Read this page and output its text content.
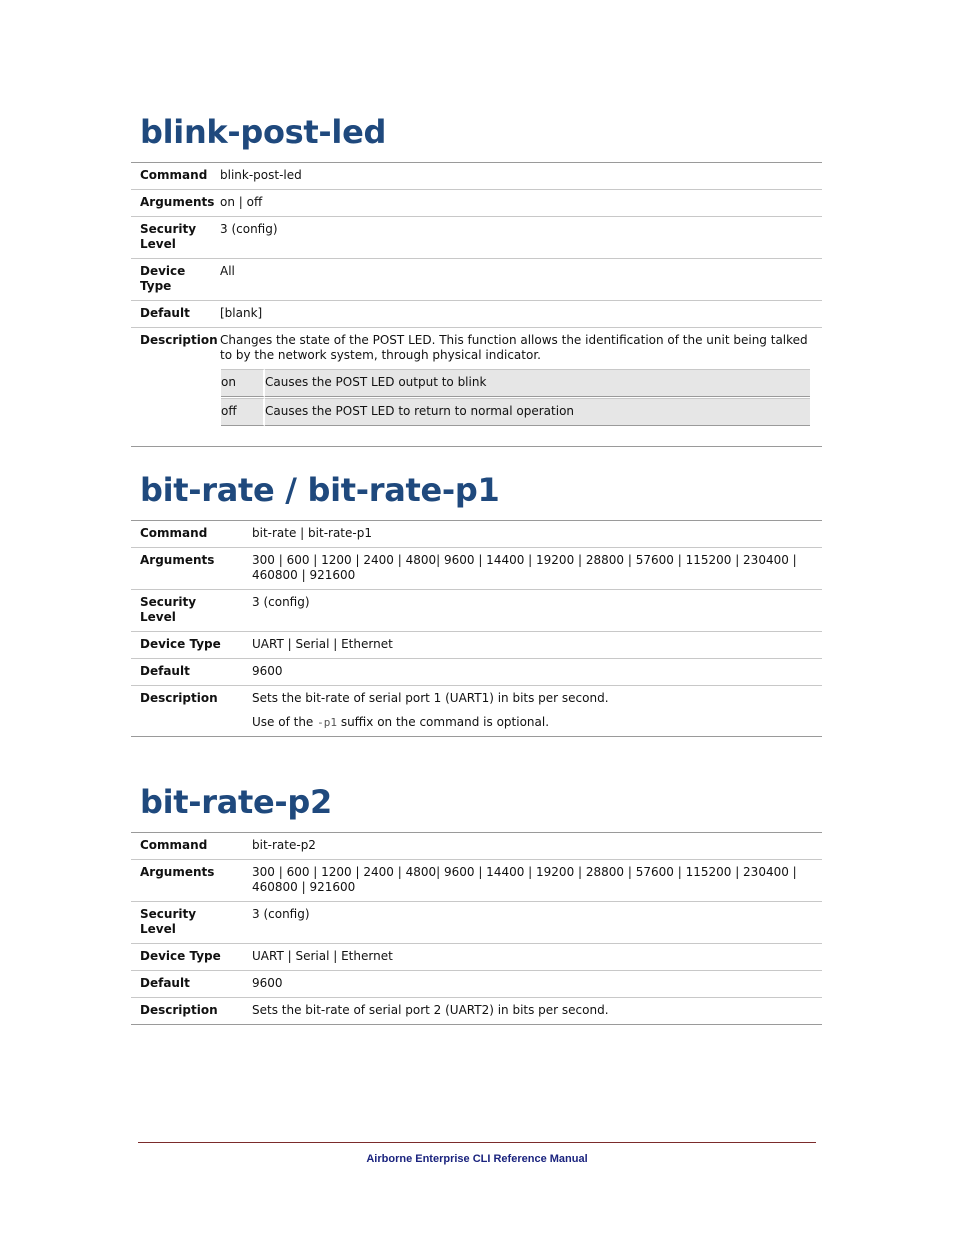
blink-post-led
Command	blink-post-led
Arguments	on | off
Security Level	3 (config)
Device Type	All
Default	[blank]
Description	Changes the state of the POST LED. This function allows the identification of the unit being talked to by the network system, through physical indicator.
on	Causes the POST LED output to blink
off	Causes the POST LED to return to normal operation
bit-rate / bit-rate-p1
Command	bit-rate | bit-rate-p1
Arguments	300 | 600 | 1200 | 2400 | 4800| 9600 | 14400 | 19200 | 28800 | 57600 | 115200 | 230400 | 460800 | 921600
Security Level	3 (config)
Device Type	UART | Serial | Ethernet
Default	9600
Description	Sets the bit-rate of serial port 1 (UART1) in bits per second.
Use of the -p1 suffix on the command is optional.
bit-rate-p2
Command	bit-rate-p2
Arguments	300 | 600 | 1200 | 2400 | 4800| 9600 | 14400 | 19200 | 28800 | 57600 | 115200 | 230400 | 460800 | 921600
Security Level	3 (config)
Device Type	UART | Serial | Ethernet
Default	9600
Description	Sets the bit-rate of serial port 2 (UART2) in bits per second.
Airborne Enterprise CLI Reference Manual
